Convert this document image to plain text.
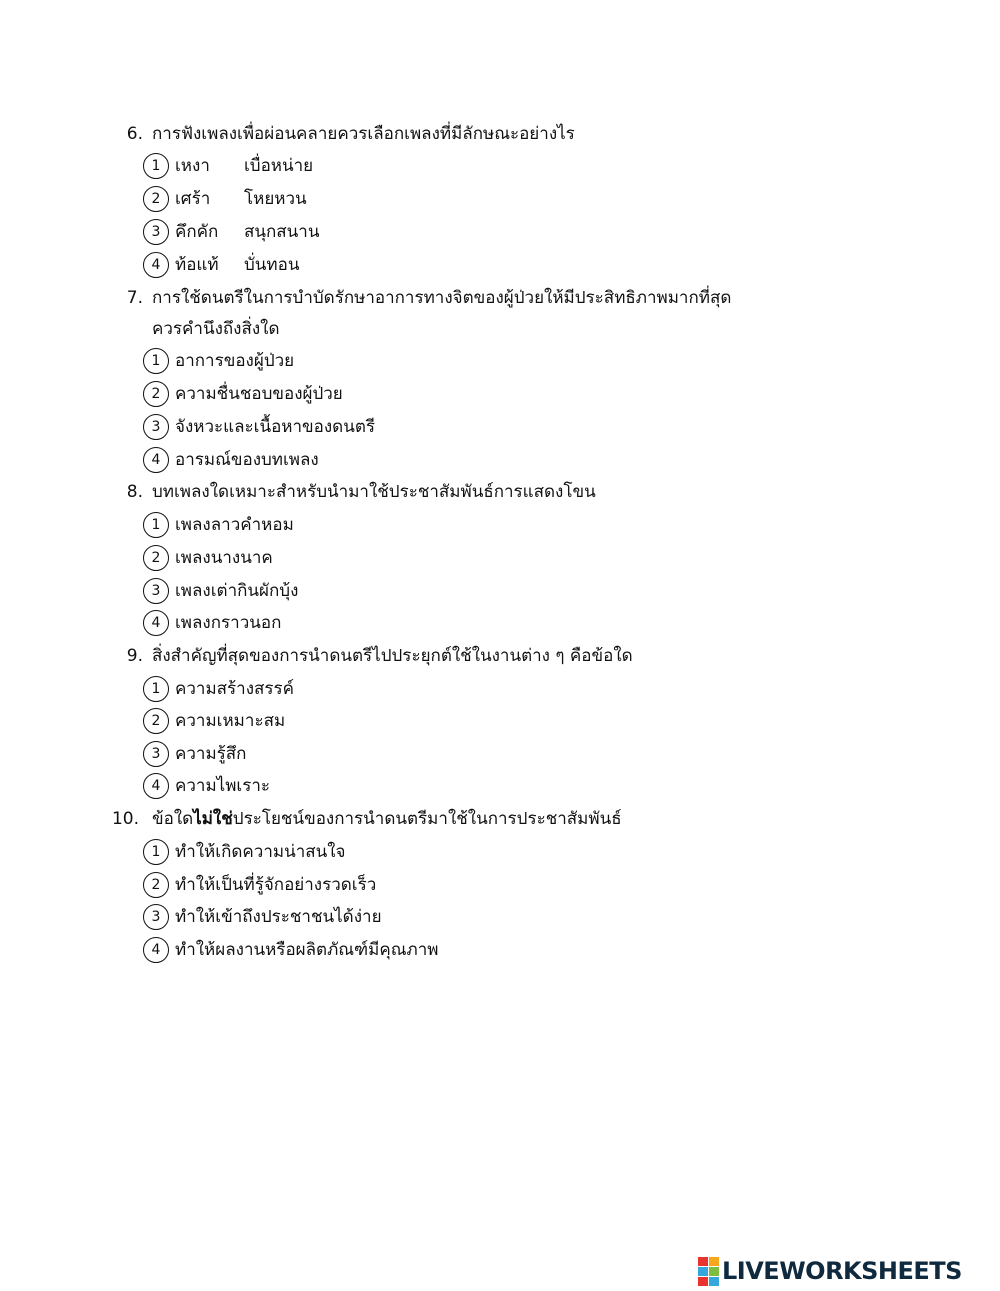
6. การฟังเพลงเพื่อผ่อนคลายควรเลือกเพลงที่มีลักษณะอย่างไร
1 เหงา เบื่อหน่าย
2 เศร้า โหยหวน
3 คึกคัก สนุกสนาน
4 ท้อแท้ บั่นทอน
7. การใช้ดนตรีในการบำบัดรักษาอาการทางจิตของผู้ป่วยให้มีประสิทธิภาพมากที่สุด
ควรคำนึงถึงสิ่งใด
1 อาการของผู้ป่วย
2 ความชื่นชอบของผู้ป่วย
3 จังหวะและเนื้อหาของดนตรี
4 อารมณ์ของบทเพลง
8. บทเพลงใดเหมาะสำหรับนำมาใช้ประชาสัมพันธ์การแสดงโขน
1 เพลงลาวคำหอม
2 เพลงนางนาค
3 เพลงเต่ากินผักบุ้ง
4 เพลงกราวนอก
9. สิ่งสำคัญที่สุดของการนำดนตรีไปประยุกต์ใช้ในงานต่าง ๆ คือข้อใด
1 ความสร้างสรรค์
2 ความเหมาะสม
3 ความรู้สึก
4 ความไพเราะ
10. ข้อใดไม่ใช่ประโยชน์ของการนำดนตรีมาใช้ในการประชาสัมพันธ์
1 ทำให้เกิดความน่าสนใจ
2 ทำให้เป็นที่รู้จักอย่างรวดเร็ว
3 ทำให้เข้าถึงประชาชนได้ง่าย
4 ทำให้ผลงานหรือผลิตภัณฑ์มีคุณภาพ
LIVEWORKSHEETS
